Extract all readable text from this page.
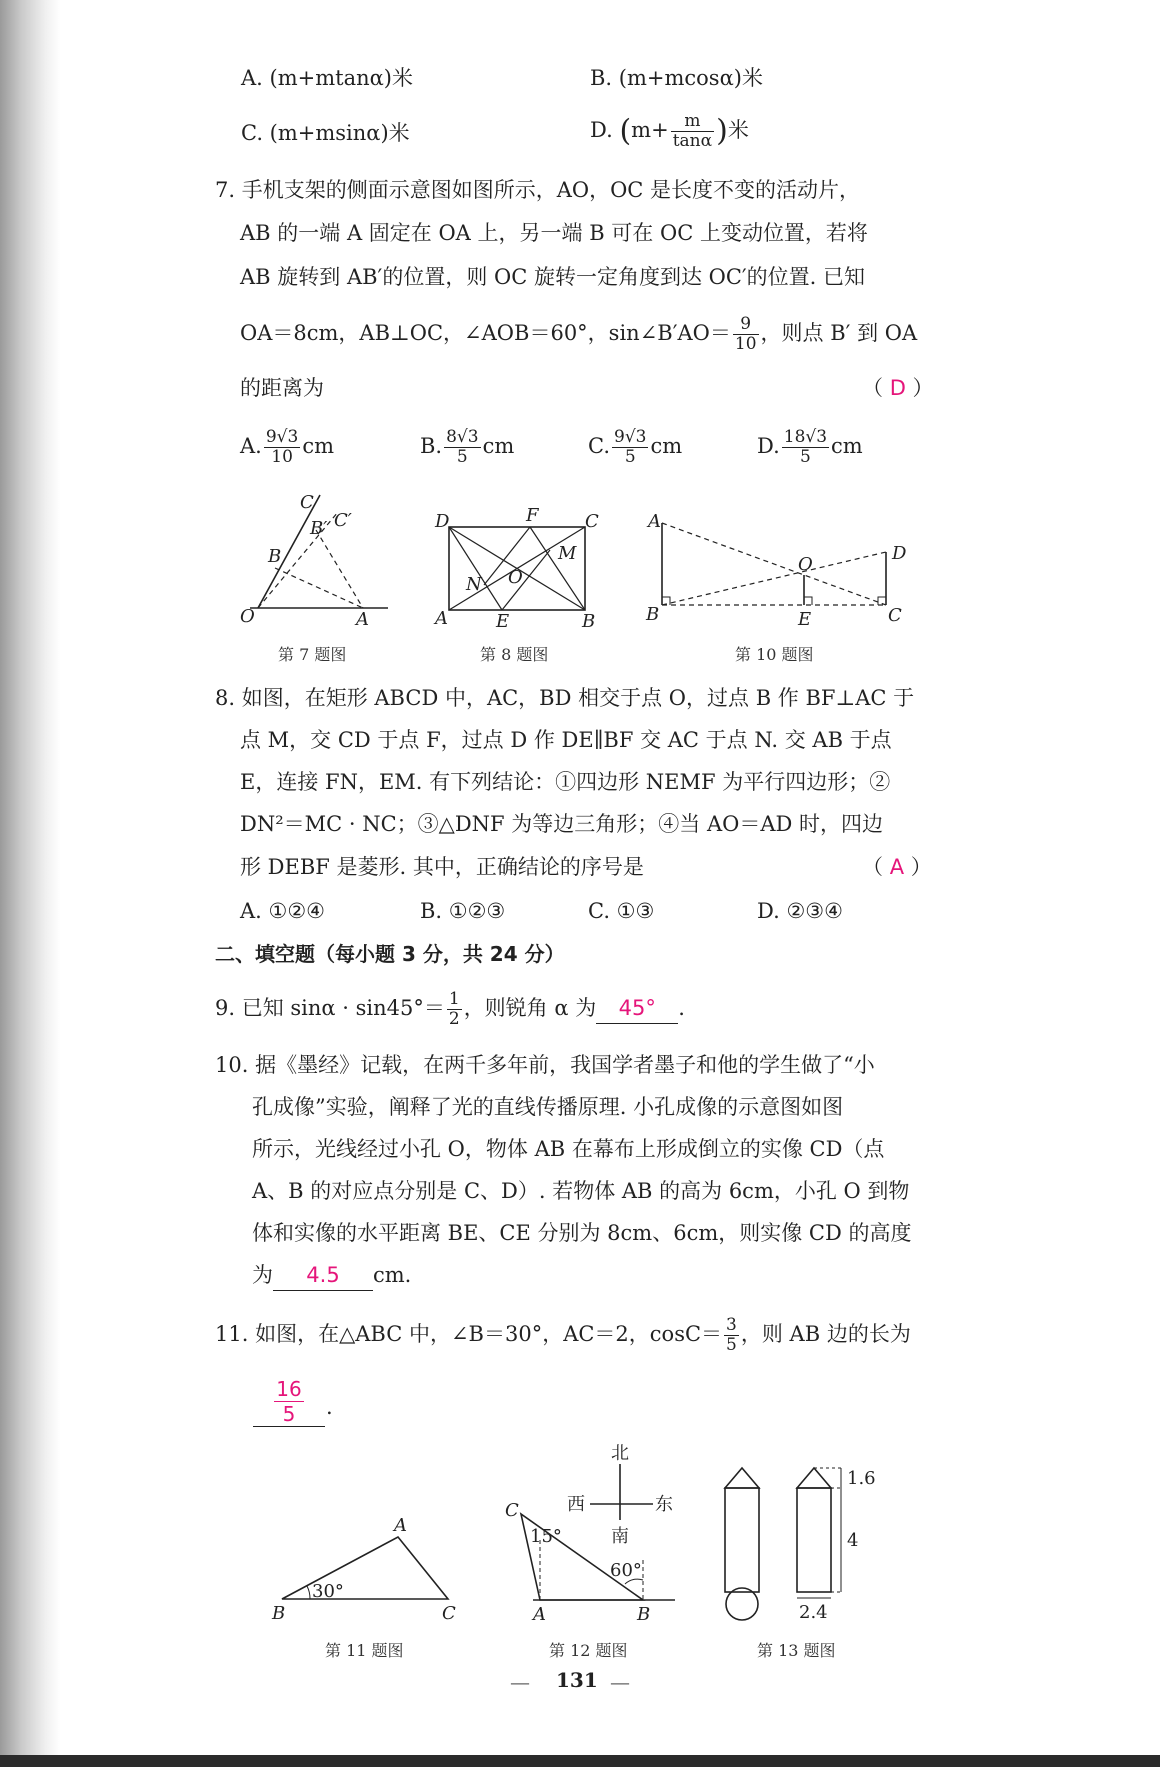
A. (m+mtanα)米	B. (m+mcosα)米
C. (m+msinα)米	D. ($m+ \frac{m}{\tan\alpha}$ )米
7. 手机支架的侧面示意图如图所示，AO，OC 是长度不变的活动片，
AB 的一端 A 固定在 OA 上，另一端 B 可在 OC 上变动位置，若将
AB 旋转到 AB′的位置，则 OC 旋转一定角度到达 OC′的位置. 已知
OA＝8cm，AB⊥OC，∠AOB＝60°，sin∠B′AO＝ $\frac{9}{10}$ ，则点 B′ 到 OA
的距离为	（ D ）
A. $\frac{9√3}{10}$ cm	B. $\frac{8√3}{5}$ cm	C. $\frac{9√3}{5}$ cm	D. $\frac{18√3}{5}$ cm
C
B′ C′
B
O	A
第 7 题图
D	F	C
M
N O
A	E	B
第 8 题图
A
O
D
B	E	C
第 10 题图
8. 如图，在矩形 ABCD 中，AC，BD 相交于点 O，过点 B 作 BF⊥AC 于
点 M，交 CD 于点 F，过点 D 作 DE∥BF 交 AC 于点 N. 交 AB 于点
E，连接 FN，EM. 有下列结论：①四边形 NEMF 为平行四边形；②
DN²＝MC · NC；③△DNF 为等边三角形；④当 AO＝AD 时，四边
形 DEBF 是菱形. 其中，正确结论的序号是	（ A ）
A. ①②④	B. ①②③	C. ①③	D. ②③④
二、填空题（每小题 3 分，共 24 分）
9. 已知 $\sin\alpha \cdot \sin 45^\circ= \frac{1}{2}$ ，则锐角 α 为 45° .
10. 据《墨经》记载，在两千多年前，我国学者墨子和他的学生做了“小
孔成像”实验，阐释了光的直线传播原理. 小孔成像的示意图如图
所示，光线经过小孔 O，物体 AB 在幕布上形成倒立的实像 CD（点
A、B 的对应点分别是 C、D）. 若物体 AB 的高为 6cm，小孔 O 到物
体和实像的水平距离 BE、CE 分别为 8cm、6cm，则实像 CD 的高度
为 4.5 cm.
11. 如图，在△ABC 中，∠B＝30°，AC＝2，$\cos C= \frac{3}{5}$ ，则 AB 边的长为
$\frac{16}{5}$ .
30°
A
B	C
第 11 题图
北
南
西	东
15°
60°
C
A	B
第 12 题图
1.6
4
2.4
第 13 题图
— 131 —
